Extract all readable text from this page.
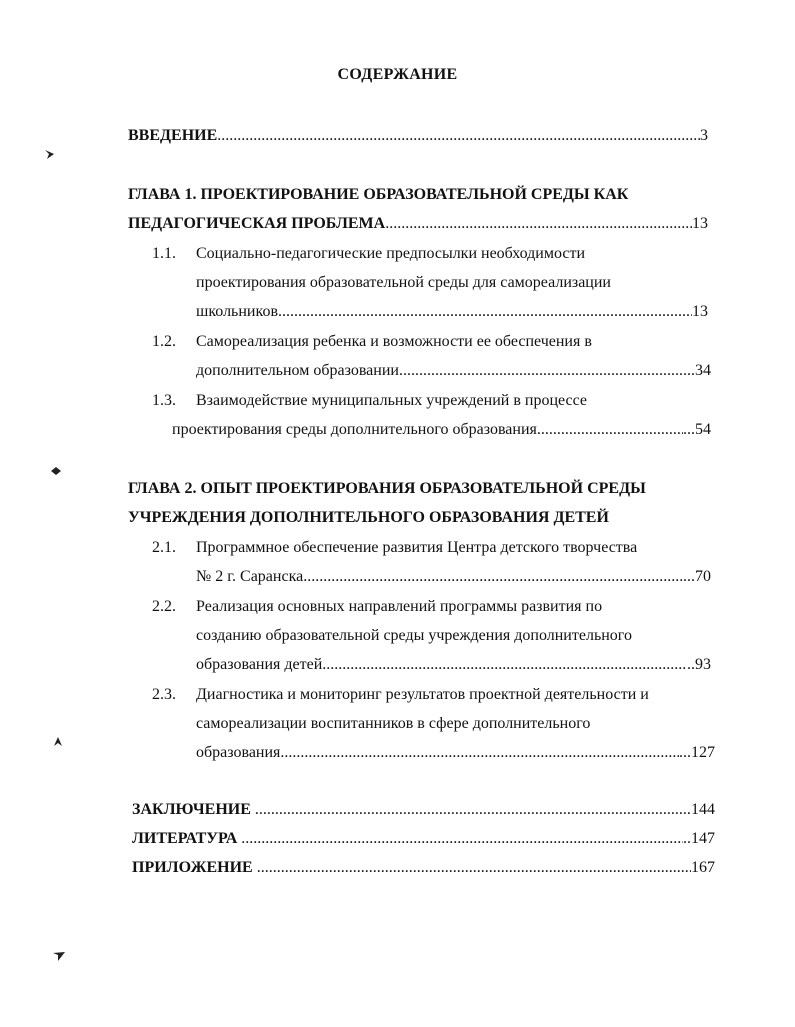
СОДЕРЖАНИЕ
ВВЕДЕНИЕ .....	3
ГЛАВА 1. ПРОЕКТИРОВАНИЕ ОБРАЗОВАТЕЛЬНОЙ СРЕДЫ КАК
ПЕДАГОГИЧЕСКАЯ ПРОБЛЕМА .....	13
1.1. Социально-педагогические предпосылки необходимости
проектирования образовательной среды для самореализации
школьников .....	13
1.2. Самореализация ребенка и возможности ее обеспечения в
дополнительном образовании .....	...34
1.3. Взаимодействие муниципальных учреждений в процессе
проектирования среды дополнительного образования .....	...54
ГЛАВА 2. ОПЫТ ПРОЕКТИРОВАНИЯ ОБРАЗОВАТЕЛЬНОЙ СРЕДЫ
УЧРЕЖДЕНИЯ ДОПОЛНИТЕЛЬНОГО ОБРАЗОВАНИЯ ДЕТЕЙ
2.1. Программное обеспечение развития Центра детского творчества
№ 2 г. Саранска .....	...70
2.2. Реализация основных направлений программы развития по
созданию образовательной среды учреждения дополнительного
образования детей .....	..93
2.3. Диагностика и мониторинг результатов проектной деятельности и
самореализации воспитанников в сфере дополнительного
образования .....	...127
ЗАКЛЮЧЕНИЕ .....	144
ЛИТЕРАТУРА .....	..147
ПРИЛОЖЕНИЕ .....	167
